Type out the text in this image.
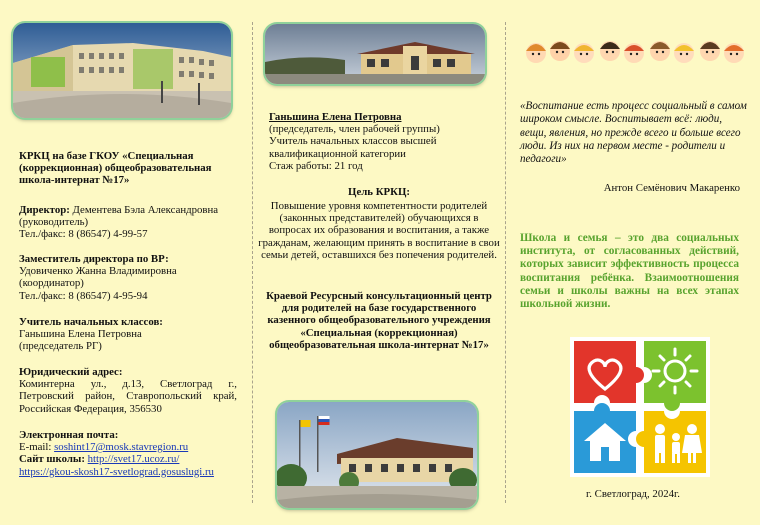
КРКЦ на базе ГКОУ «Специальная (коррекционная) общеобразовательная школа-интернат №17»
Директор: Дементева Бэла Александровна
(руководитель)
Тел./факс: 8 (86547) 4-99-57
Заместитель директора по ВР:
Удовиченко Жанна Владимировна
(координатор)
Тел./факс: 8 (86547) 4-95-94
Учитель начальных классов:
Ганьшина Елена Петровна
(председатель РГ)
Юридический адрес:
Коминтерна ул., д.13, Светлоград г., Петровский район, Ставропольский край, Российская Федерация, 356530
Электронная почта:
E-mail: soshint17@mosk.stavregion.ru
Сайт школы: http://svet17.ucoz.ru/
https://gkou-skosh17-svetlograd.gosuslugi.ru
Ганьшина Елена Петровна
(председатель, член рабочей группы)
Учитель начальных классов высшей квалификационной категории
Стаж работы: 21 год
Цель КРКЦ:
Повышение уровня компетентности родителей (законных представителей) обучающихся в вопросах их образования и воспитания, а также гражданам, желающим принять в воспитание в свои семьи детей, оставшихся без попечения родителей.
Краевой Ресурсный консультационный центр для родителей на базе государственного казенного общеобразовательного учреждения «Специальная (коррекционная) общеобразовательная школа-интернат №17»
«Воспитание есть процесс социальный в самом широком смысле. Воспитывает всё: люди, вещи, явления, но прежде всего и больше всего люди. Из них на первом месте - родители и педагоги»
Антон Семёнович Макаренко
Школа и семья – это два социальных института, от согласованных действий, которых зависит эффективность процесса воспитания ребёнка. Взаимоотношения семьи и школы важны на всех этапах школьной жизни.
г. Светлоград, 2024г.
